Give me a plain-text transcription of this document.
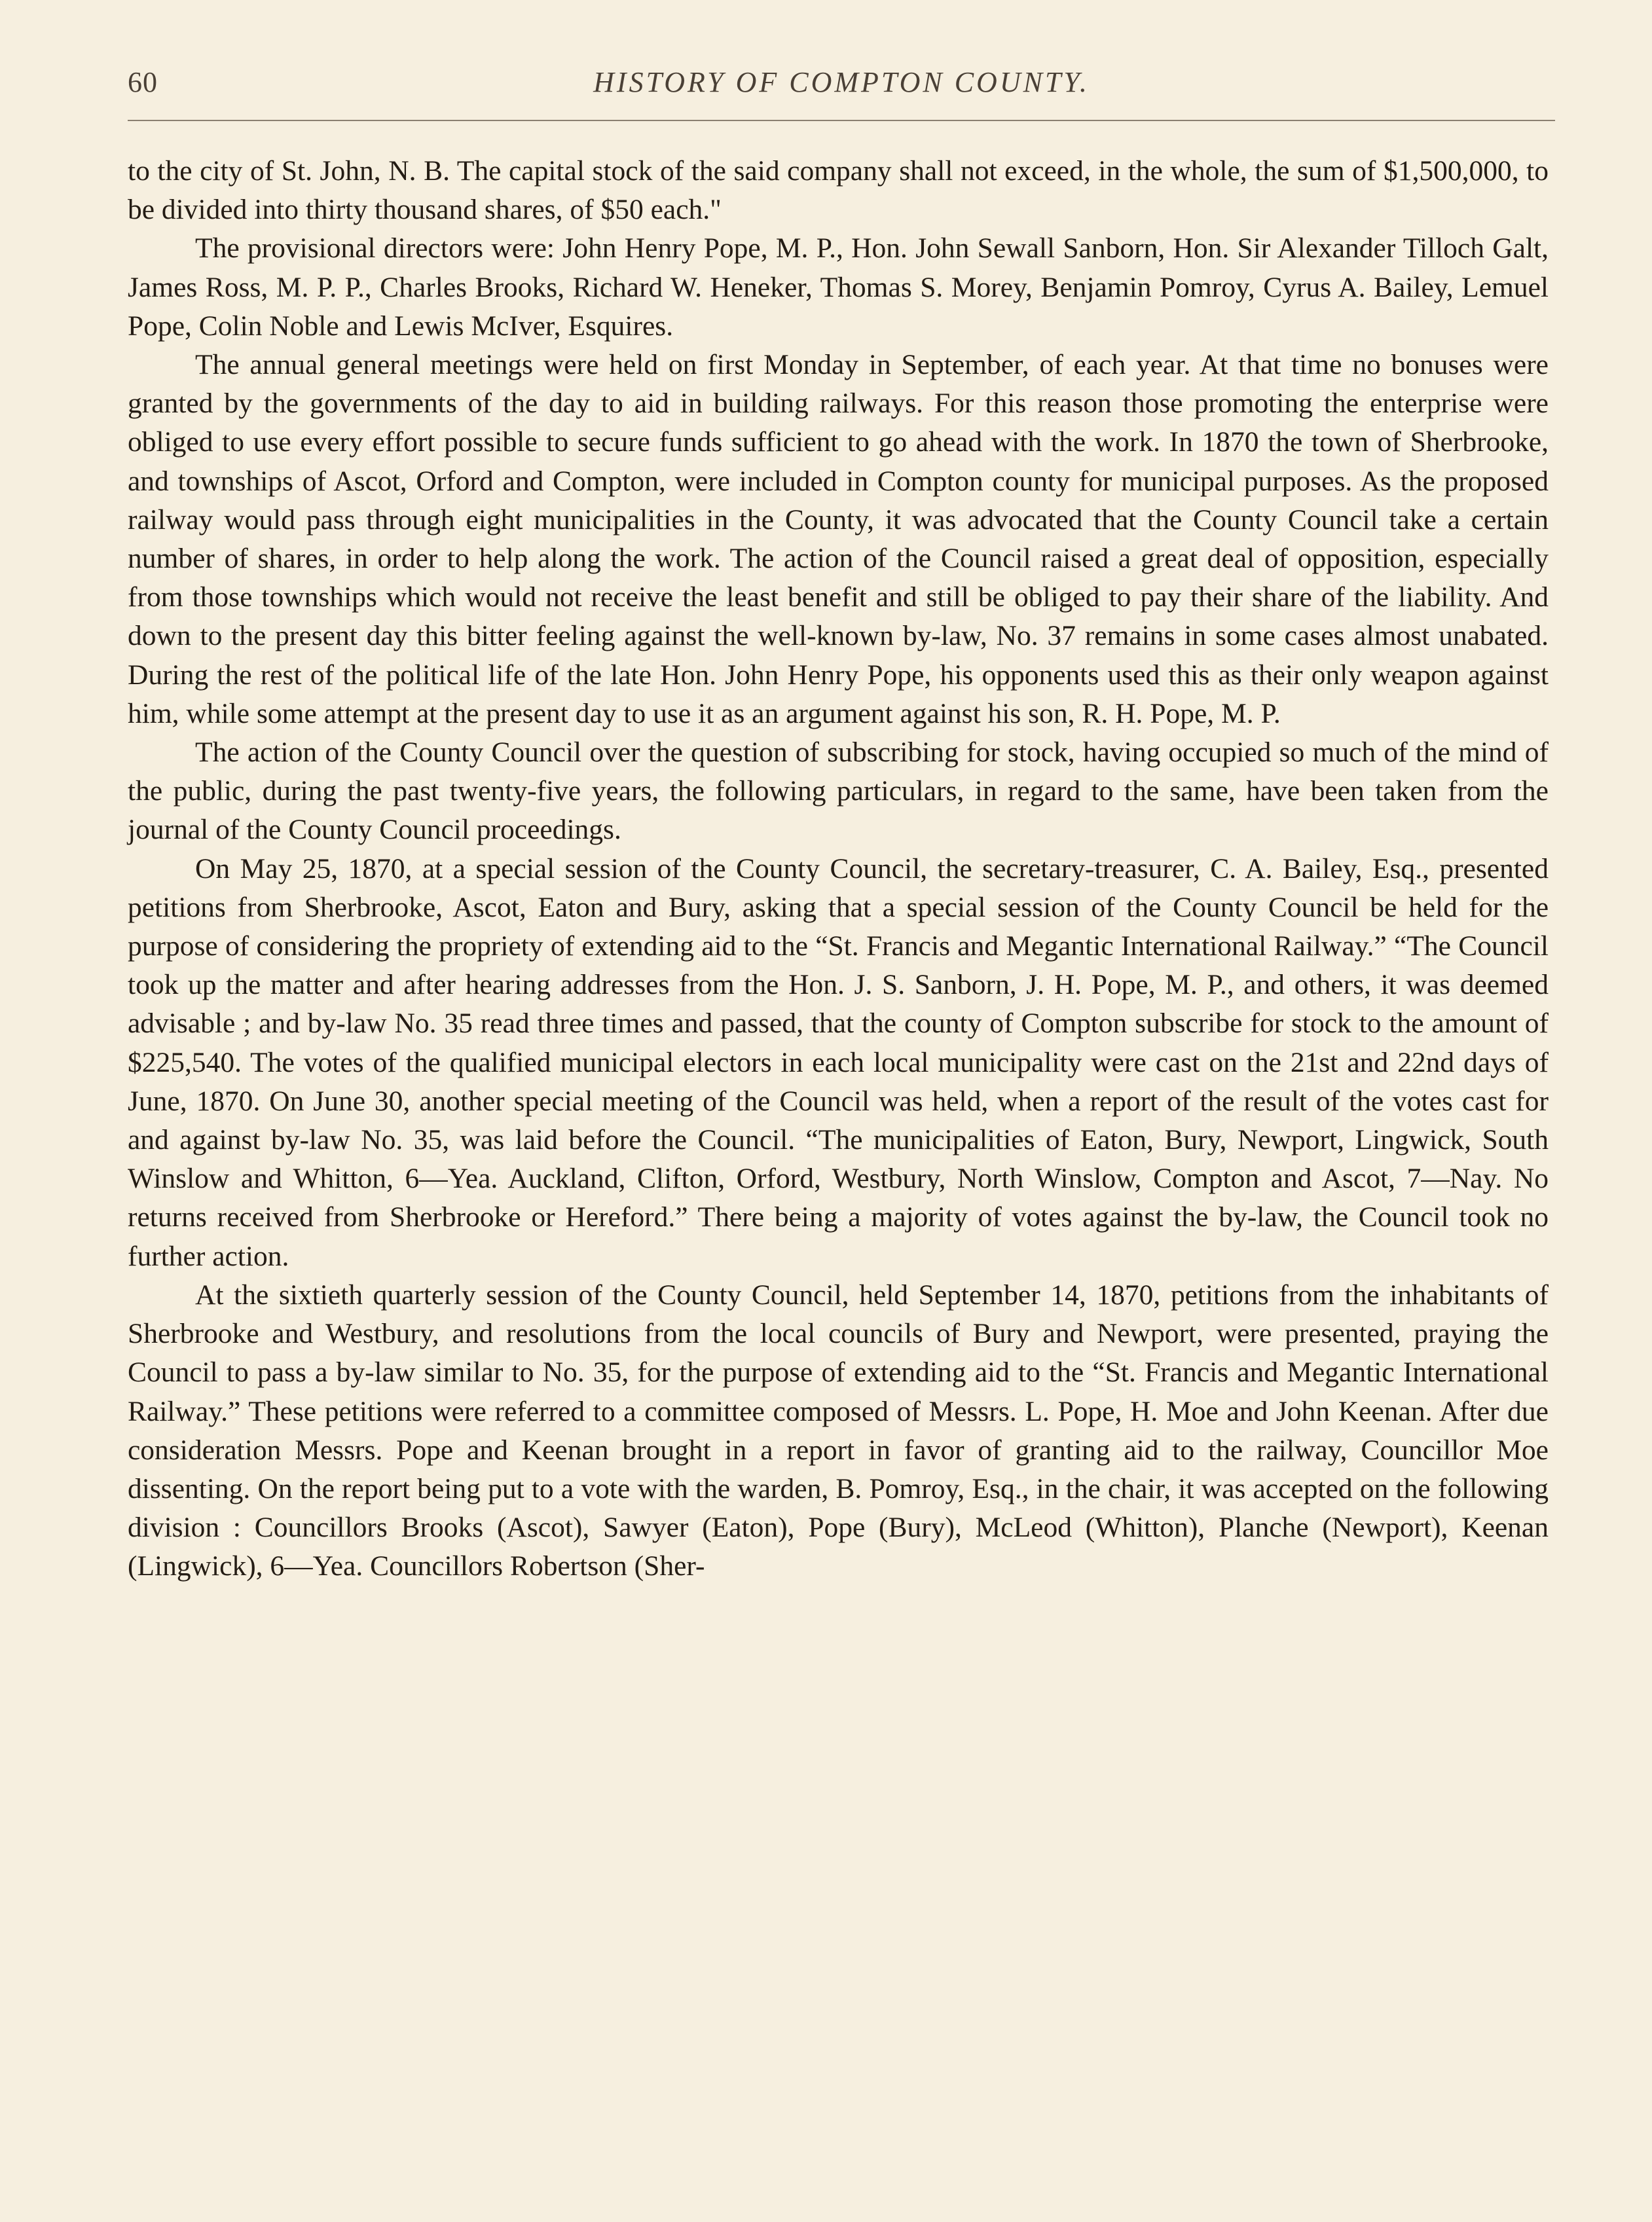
60	HISTORY OF COMPTON COUNTY.

to the city of St. John, N. B. The capital stock of the said company shall not exceed, in the whole, the sum of $1,500,000, to be divided into thirty thousand shares, of $50 each."

The provisional directors were: John Henry Pope, M. P., Hon. John Sewall Sanborn, Hon. Sir Alexander Tilloch Galt, James Ross, M. P. P., Charles Brooks, Richard W. Heneker, Thomas S. Morey, Benjamin Pomroy, Cyrus A. Bailey, Lemuel Pope, Colin Noble and Lewis McIver, Esquires.

The annual general meetings were held on first Monday in September, of each year. At that time no bonuses were granted by the governments of the day to aid in building railways. For this reason those promoting the enterprise were obliged to use every effort possible to secure funds sufficient to go ahead with the work. In 1870 the town of Sherbrooke, and townships of Ascot, Orford and Compton, were included in Compton county for municipal purposes. As the proposed railway would pass through eight municipalities in the County, it was advocated that the County Council take a certain number of shares, in order to help along the work. The action of the Council raised a great deal of opposition, especially from those townships which would not receive the least benefit and still be obliged to pay their share of the liability. And down to the present day this bitter feeling against the well-known by-law, No. 37 remains in some cases almost unabated. During the rest of the political life of the late Hon. John Henry Pope, his opponents used this as their only weapon against him, while some attempt at the present day to use it as an argument against his son, R. H. Pope, M. P.

The action of the County Council over the question of subscribing for stock, having occupied so much of the mind of the public, during the past twenty-five years, the following particulars, in regard to the same, have been taken from the journal of the County Council proceedings.

On May 25, 1870, at a special session of the County Council, the secretary-treasurer, C. A. Bailey, Esq., presented petitions from Sherbrooke, Ascot, Eaton and Bury, asking that a special session of the County Council be held for the purpose of considering the propriety of extending aid to the “St. Francis and Megantic International Railway.” “The Council took up the matter and after hearing addresses from the Hon. J. S. Sanborn, J. H. Pope, M. P., and others, it was deemed advisable ; and by-law No. 35 read three times and passed, that the county of Compton subscribe for stock to the amount of $225,540. The votes of the qualified municipal electors in each local municipality were cast on the 21st and 22nd days of June, 1870. On June 30, another special meeting of the Council was held, when a report of the result of the votes cast for and against by-law No. 35, was laid before the Council. “The municipalities of Eaton, Bury, Newport, Lingwick, South Winslow and Whitton, 6—Yea. Auckland, Clifton, Orford, Westbury, North Winslow, Compton and Ascot, 7—Nay. No returns received from Sherbrooke or Hereford.” There being a majority of votes against the by-law, the Council took no further action.

At the sixtieth quarterly session of the County Council, held September 14, 1870, petitions from the inhabitants of Sherbrooke and Westbury, and resolutions from the local councils of Bury and Newport, were presented, praying the Council to pass a by-law similar to No. 35, for the purpose of extending aid to the “St. Francis and Megantic International Railway.” These petitions were referred to a committee composed of Messrs. L. Pope, H. Moe and John Keenan. After due consideration Messrs. Pope and Keenan brought in a report in favor of granting aid to the railway, Councillor Moe dissenting. On the report being put to a vote with the warden, B. Pomroy, Esq., in the chair, it was accepted on the following division : Councillors Brooks (Ascot), Sawyer (Eaton), Pope (Bury), McLeod (Whitton), Planche (Newport), Keenan (Lingwick), 6—Yea. Councillors Robertson (Sher-
